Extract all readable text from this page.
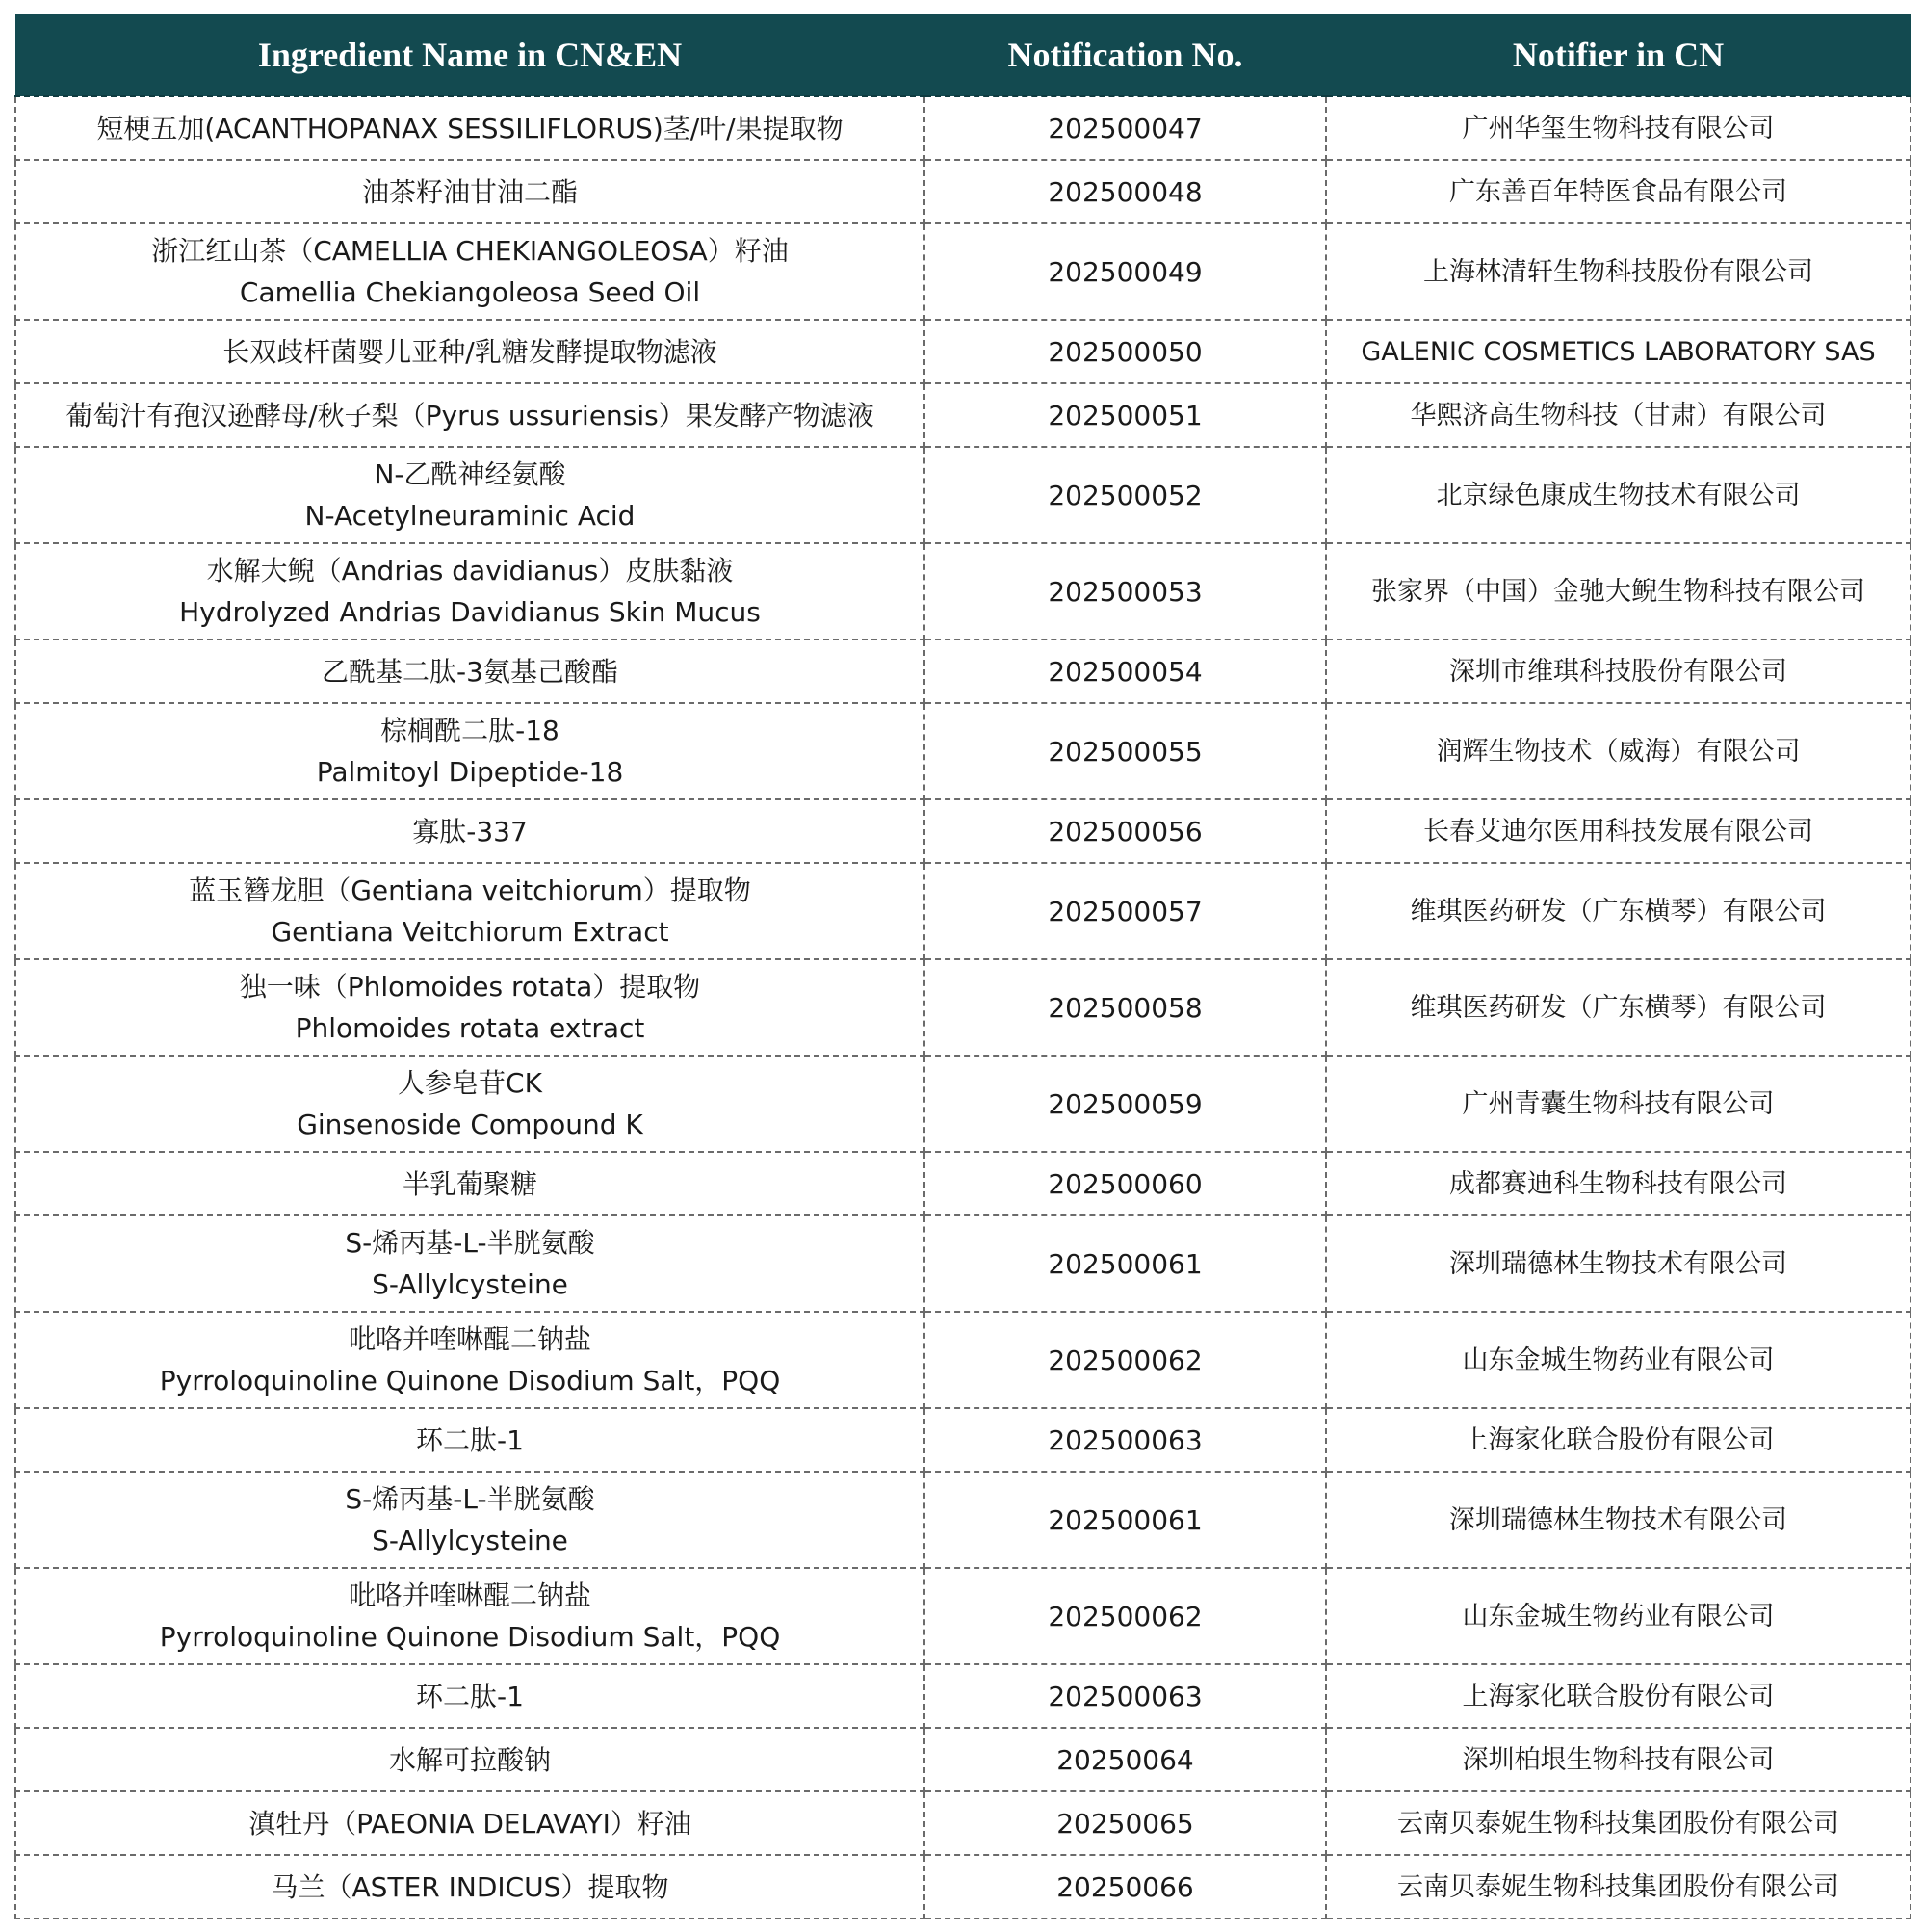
Ingredient Name in CN&EN	Notification No.	Notifier in CN

短梗五加(ACANTHOPANAX SESSILIFLORUS)茎/叶/果提取物	202500047	广州华玺生物科技有限公司

油茶籽油甘油二酯	202500048	广东善百年特医食品有限公司

浙江红山茶（CAMELLIA CHEKIANGOLEOSA）籽油
Camellia Chekiangoleosa Seed Oil	202500049	上海林清轩生物科技股份有限公司

长双歧杆菌婴儿亚种/乳糖发酵提取物滤液	202500050	GALENIC COSMETICS LABORATORY SAS

葡萄汁有孢汉逊酵母/秋子梨（Pyrus ussuriensis）果发酵产物滤液	202500051	华熙济高生物科技（甘肃）有限公司

N-乙酰神经氨酸
N-Acetylneuraminic Acid	202500052	北京绿色康成生物技术有限公司

水解大鲵（Andrias davidianus）皮肤黏液
Hydrolyzed Andrias Davidianus Skin Mucus	202500053	张家界（中国）金驰大鲵生物科技有限公司

乙酰基二肽-3氨基己酸酯	202500054	深圳市维琪科技股份有限公司

棕榈酰二肽-18
Palmitoyl Dipeptide-18	202500055	润辉生物技术（威海）有限公司

寡肽-337	202500056	长春艾迪尔医用科技发展有限公司

蓝玉簪龙胆（Gentiana veitchiorum）提取物
Gentiana Veitchiorum Extract	202500057	维琪医药研发（广东横琴）有限公司

独一味（Phlomoides rotata）提取物
Phlomoides rotata extract	202500058	维琪医药研发（广东横琴）有限公司

人参皂苷CK
Ginsenoside Compound K	202500059	广州青囊生物科技有限公司

半乳葡聚糖	202500060	成都赛迪科生物科技有限公司

S-烯丙基-L-半胱氨酸
S-Allylcysteine	202500061	深圳瑞德林生物技术有限公司

吡咯并喹啉醌二钠盐
Pyrroloquinoline Quinone Disodium Salt，PQQ	202500062	山东金城生物药业有限公司

环二肽-1	202500063	上海家化联合股份有限公司

S-烯丙基-L-半胱氨酸
S-Allylcysteine	202500061	深圳瑞德林生物技术有限公司

吡咯并喹啉醌二钠盐
Pyrroloquinoline Quinone Disodium Salt，PQQ	202500062	山东金城生物药业有限公司

环二肽-1	202500063	上海家化联合股份有限公司

水解可拉酸钠	20250064	深圳柏垠生物科技有限公司

滇牡丹（PAEONIA DELAVAYI）籽油	20250065	云南贝泰妮生物科技集团股份有限公司

马兰（ASTER INDICUS）提取物	20250066	云南贝泰妮生物科技集团股份有限公司
